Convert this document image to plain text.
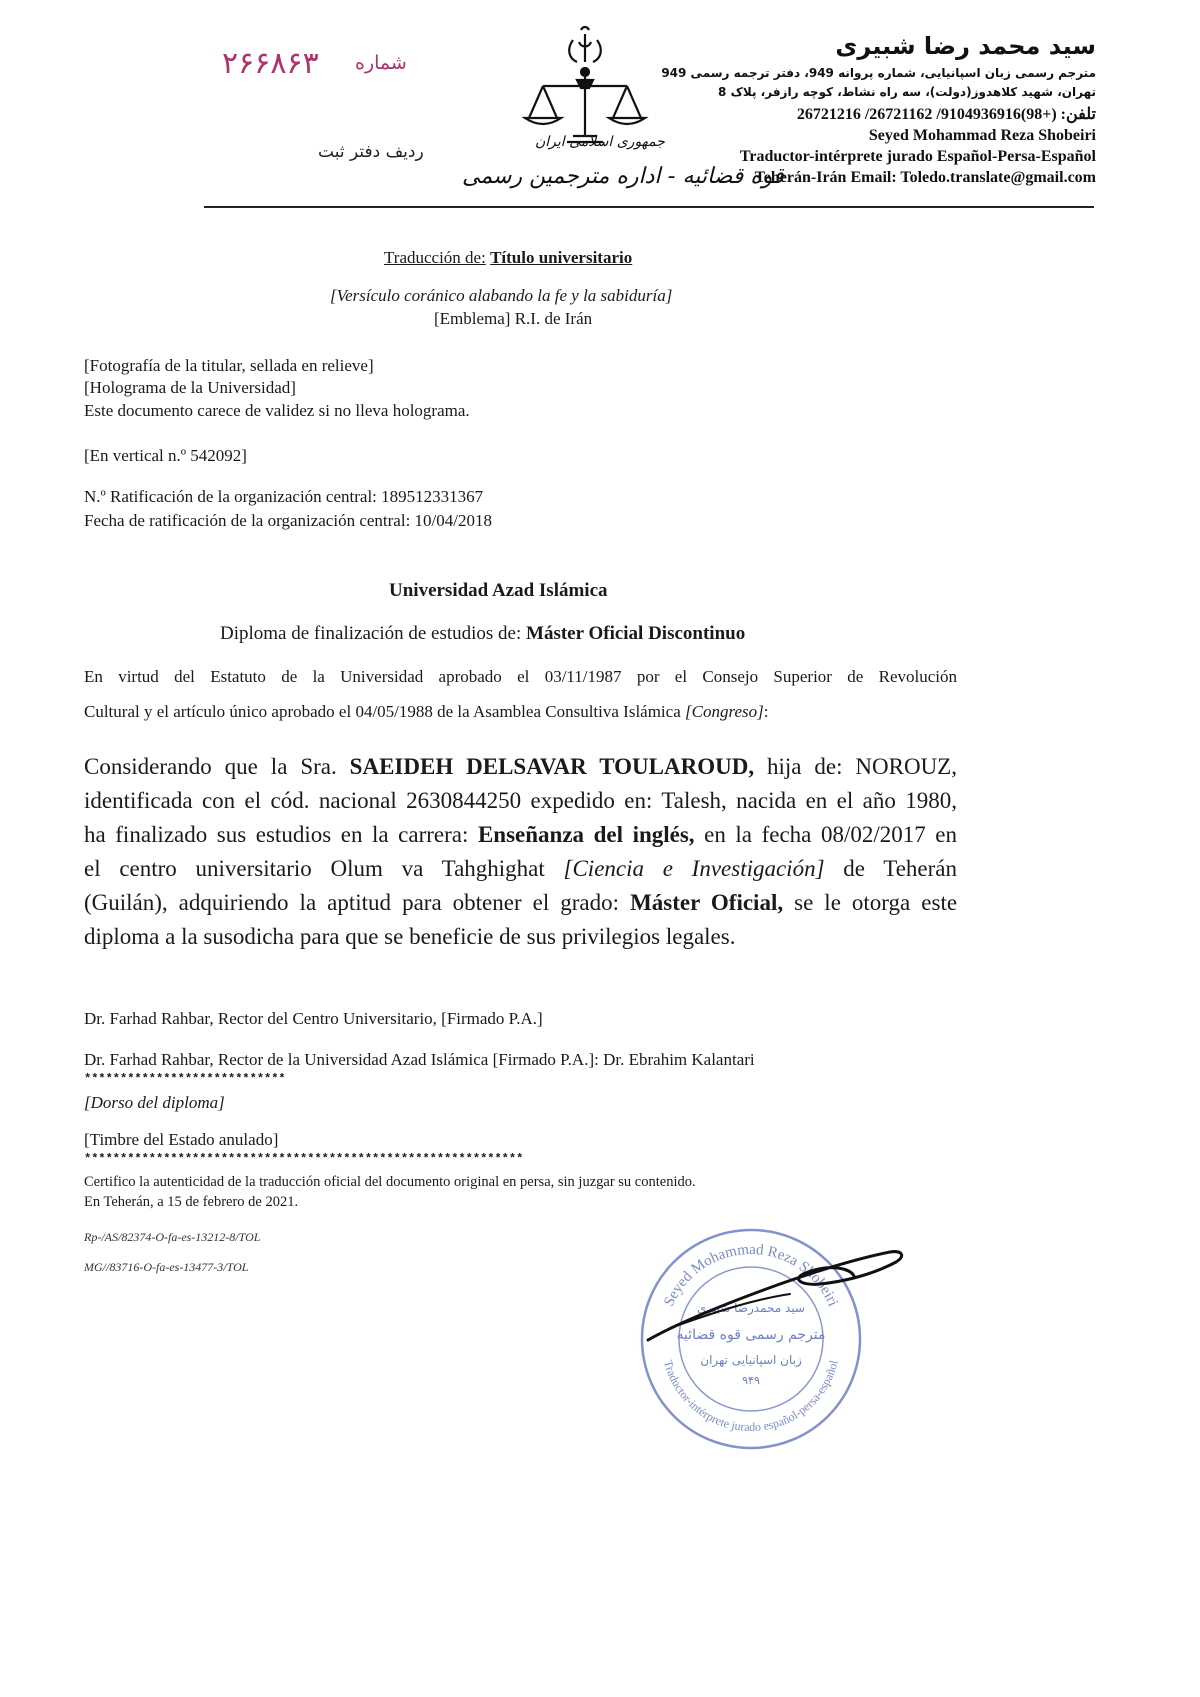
۲۶۶۸۶۳ شماره
ردیف دفتر ثبت	جمهوری اسلامی ایران
قوه قضائیه - اداره مترجمین رسمی
سید محمد رضا شبیری
مترجم رسمی زبان اسپانیایی، شماره پروانه 949، دفتر ترجمه رسمی 949
تهران، شهید کلاهدوز(دولت)، سه راه نشاط، کوچه رازفر، پلاک 8
تلفن: (+98)9104936916/ 26721162/ 26721216
Seyed Mohammad Reza Shobeiri
Traductor-intérprete jurado Español-Persa-Español
Teherán-Irán Email: Toledo.translate@gmail.com
Traducción de: Título universitario
[Versículo coránico alabando la fe y la sabiduría]
[Emblema] R.I. de Irán
[Fotografía de la titular, sellada en relieve]
[Holograma de la Universidad]
Este documento carece de validez si no lleva holograma.
[En vertical n.º 542092]
N.º Ratificación de la organización central: 189512331367
Fecha de ratificación de la organización central: 10/04/2018
Universidad Azad Islámica
Diploma de finalización de estudios de: Máster Oficial Discontinuo
En virtud del Estatuto de la Universidad aprobado el 03/11/1987 por el Consejo Superior de Revolución
Cultural y el artículo único aprobado el 04/05/1988 de la Asamblea Consultiva Islámica [Congreso]:
Considerando que la Sra. SAEIDEH DELSAVAR TOULAROUD, hija de: NOROUZ,
identificada con el cód. nacional 2630844250 expedido en: Talesh, nacida en el año 1980,
ha finalizado sus estudios en la carrera: Enseñanza del inglés, en la fecha 08/02/2017 en
el centro universitario Olum va Tahghighat [Ciencia e Investigación] de Teherán
(Guilán), adquiriendo la aptitud para obtener el grado: Máster Oficial, se le otorga este
diploma a la susodicha para que se beneficie de sus privilegios legales.
Dr. Farhad Rahbar, Rector del Centro Universitario, [Firmado P.A.]
Dr. Farhad Rahbar, Rector de la Universidad Azad Islámica [Firmado P.A.]: Dr. Ebrahim Kalantari
****************************
[Dorso del diploma]
[Timbre del Estado anulado]
*************************************************************
Certifico la autenticidad de la traducción oficial del documento original en persa, sin juzgar su contenido.
En Teherán, a 15 de febrero de 2021.
Rp-/AS/82374-O-fa-es-13212-8/TOL
MG//83716-O-fa-es-13477-3/TOL
Seyed Mohammad Reza Shobeiri
Traductor-intérprete jurado español-persa-español
سید محمدرضا شبیری
مترجم رسمی قوه قضائیه
زبان اسپانیایی تهران
۹۴۹
